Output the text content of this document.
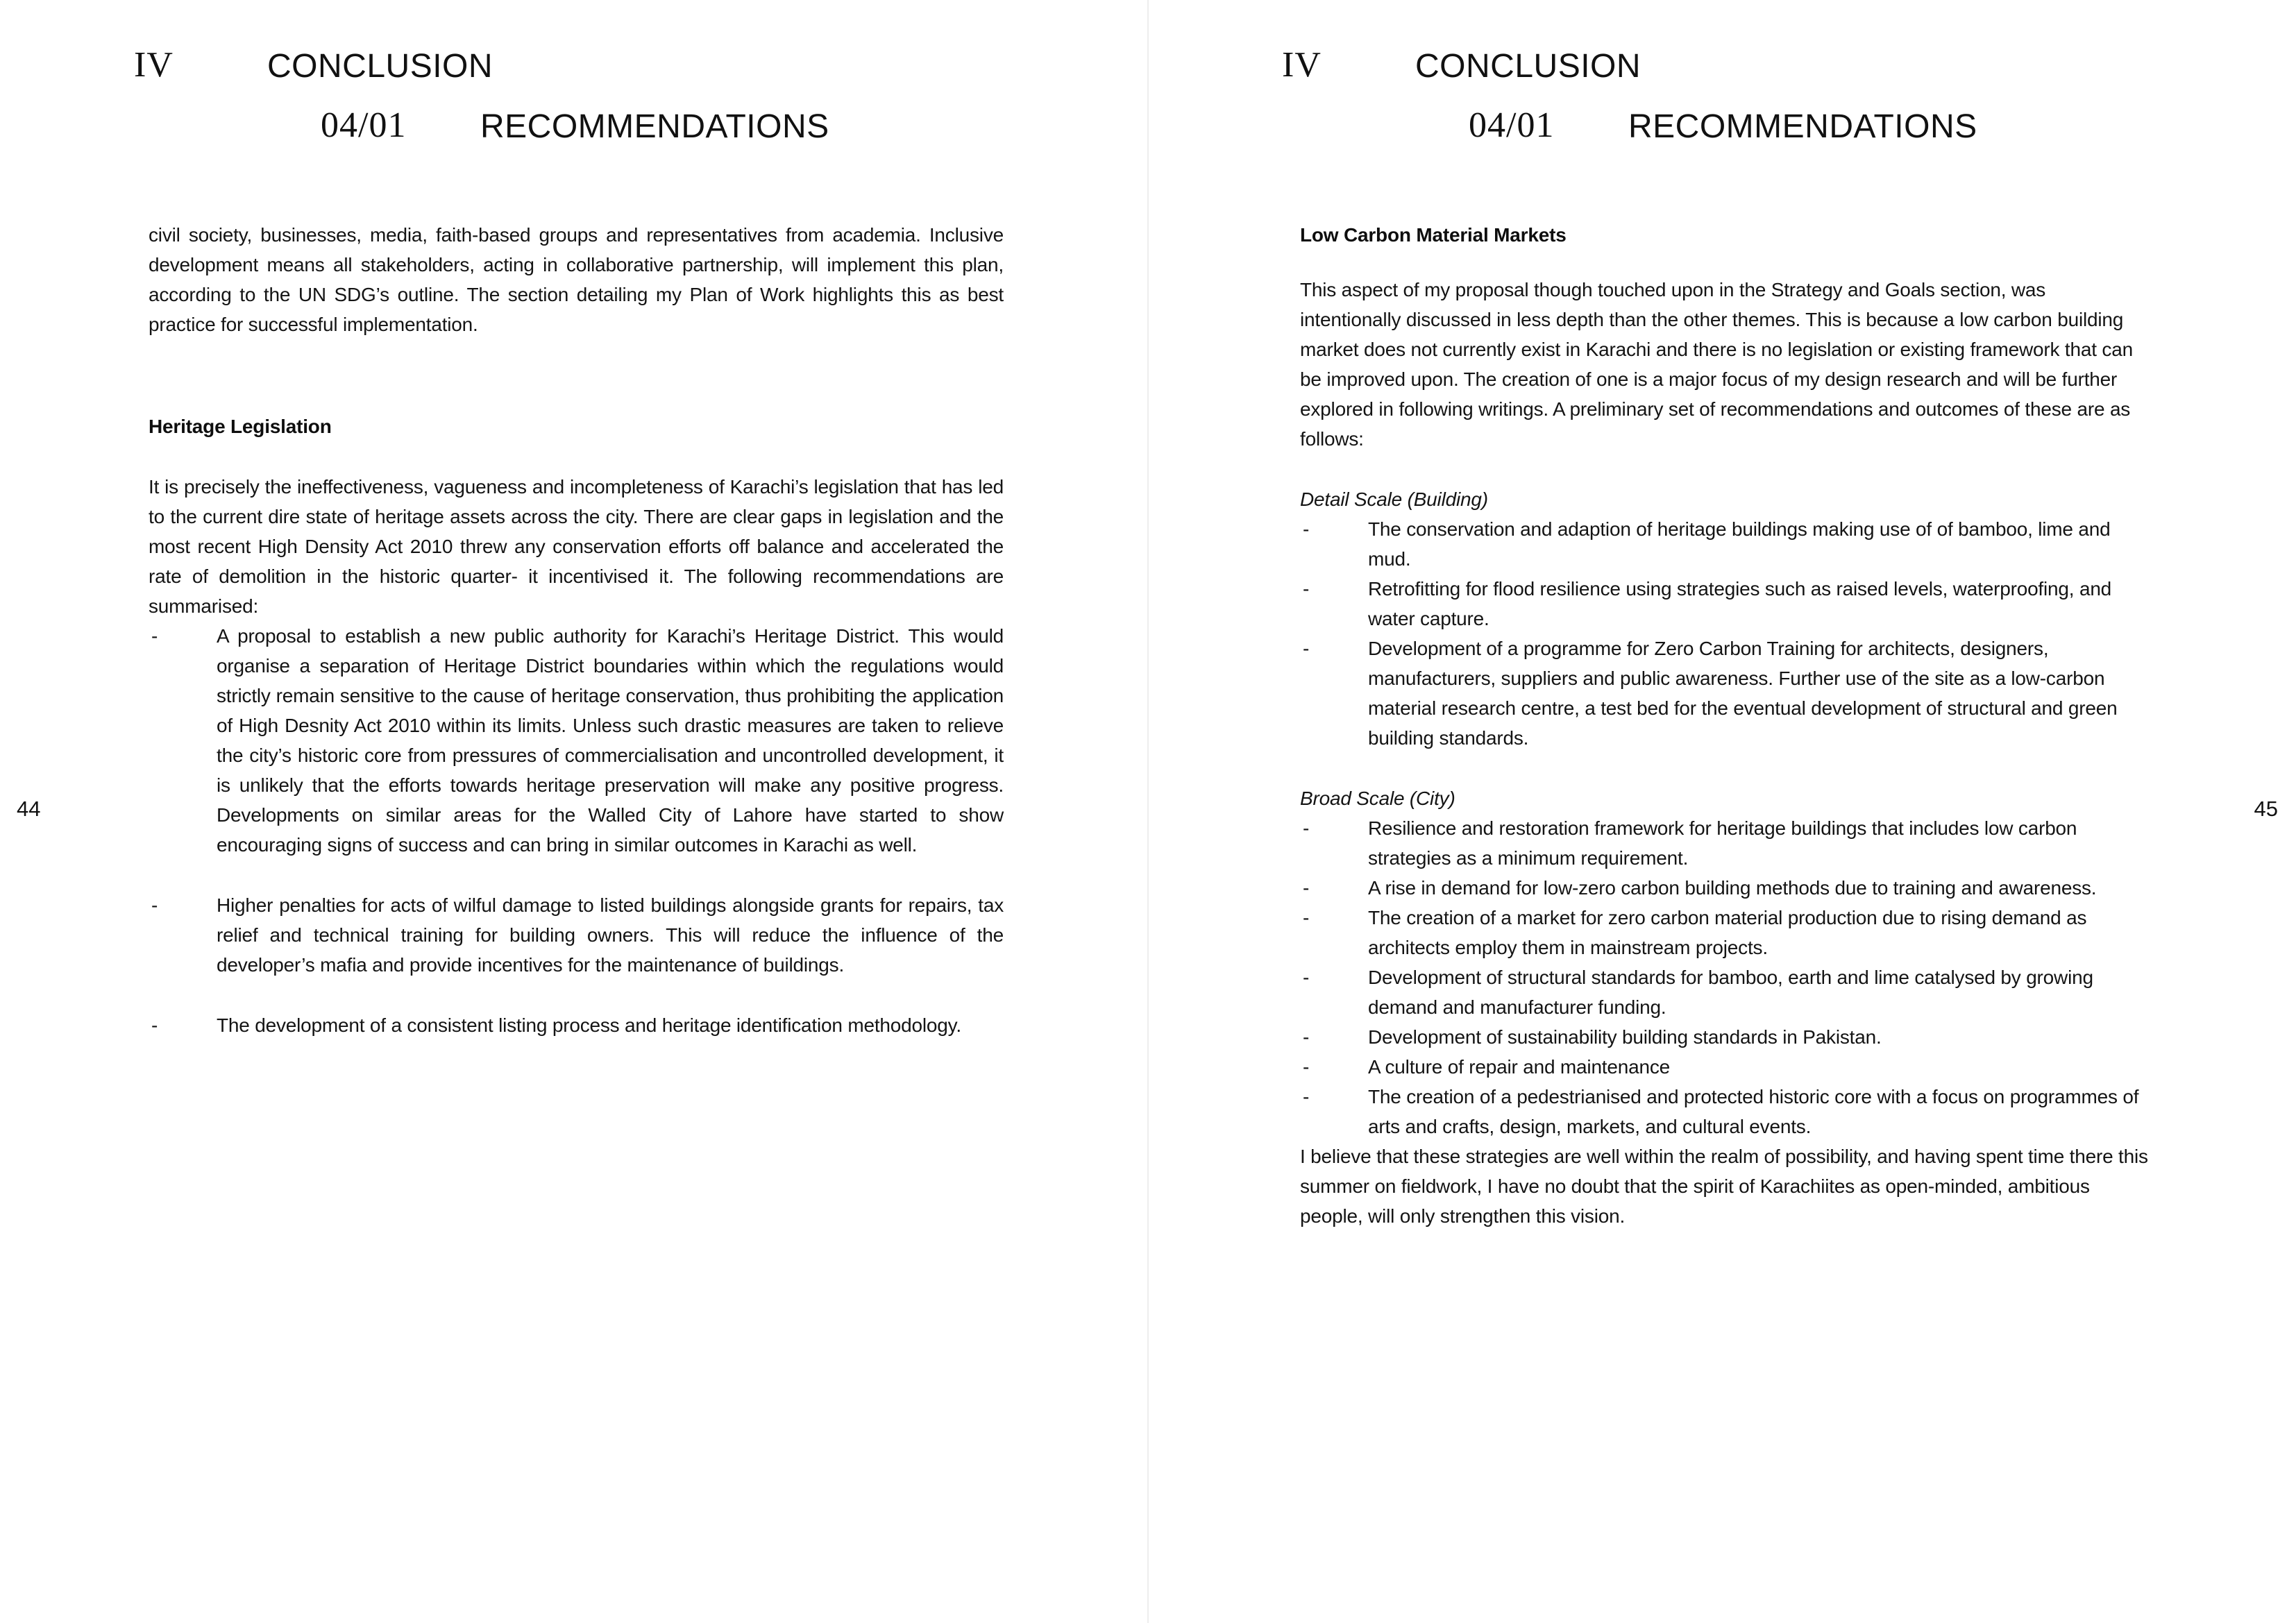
IV	CONCLUSION
04/01 RECOMMENDATIONS
44

civil society, businesses, media, faith-based groups and representatives from academia. Inclusive development means all stakeholders, acting in collaborative partnership, will implement this plan, according to the UN SDG’s outline. The section detailing my Plan of Work highlights this as best practice for successful implementation.

Heritage Legislation

It is precisely the ineffectiveness, vagueness and incompleteness of Karachi’s legislation that has led to the current dire state of heritage assets across the city. There are clear gaps in legislation and the most recent High Density Act 2010 threw any conservation efforts off balance and accelerated the rate of demolition in the historic quarter- it incentivised it. The following recommendations are summarised:

-	A proposal to establish a new public authority for Karachi’s Heritage District. This would organise a separation of Heritage District boundaries within which the regulations would strictly remain sensitive to the cause of heritage conservation, thus prohibiting the application of High Desnity Act 2010 within its limits. Unless such drastic measures are taken to relieve the city’s historic core from pressures of commercialisation and uncontrolled development, it is unlikely that the efforts towards heritage preservation will make any positive progress. Developments on similar areas for the Walled City of Lahore have started to show encouraging signs of success and can bring in similar outcomes in Karachi as well.
-	Higher penalties for acts of wilful damage to listed buildings alongside grants for repairs, tax relief and technical training for building owners. This will reduce the influence of the developer’s mafia and provide incentives for the maintenance of buildings.
-	The development of a consistent listing process and heritage identification methodology.
IV	CONCLUSION
04/01 RECOMMENDATIONS
45
Low Carbon Material Markets

This aspect of my proposal though touched upon in the Strategy and Goals section, was intentionally discussed in less depth than the other themes. This is because a low carbon building market does not currently exist in Karachi and there is no legislation or existing framework that can be improved upon. The creation of one is a major focus of my design research and will be further explored in following writings. A preliminary set of recommendations and outcomes of these are as follows:

Detail Scale (Building)
-	The conservation and adaption of heritage buildings making use of of bamboo, lime and mud.
-	Retrofitting for flood resilience using strategies such as raised levels, waterproofing, and water capture.
-	Development of a programme for Zero Carbon Training for architects, designers, manufacturers, suppliers and public awareness. Further use of the site as a low-carbon material research centre, a test bed for the eventual development of structural and green building standards.
Broad Scale (City)
-	Resilience and restoration framework for heritage buildings that includes low carbon strategies as a minimum requirement.
-	A rise in demand for low-zero carbon building methods due to training and awareness.
-	The creation of a market for zero carbon material production due to rising demand as architects employ them in mainstream projects.
-	Development of structural standards for bamboo, earth and lime catalysed by growing demand and manufacturer funding.
-	Development of sustainability building standards in Pakistan.
-	A culture of repair and maintenance
-	The creation of a pedestrianised and protected historic core with a focus on programmes of arts and crafts, design, markets, and cultural events.

I believe that these strategies are well within the realm of possibility, and having spent time there this summer on fieldwork, I have no doubt that the spirit of Karachiites as open-minded, ambitious people, will only strengthen this vision.
